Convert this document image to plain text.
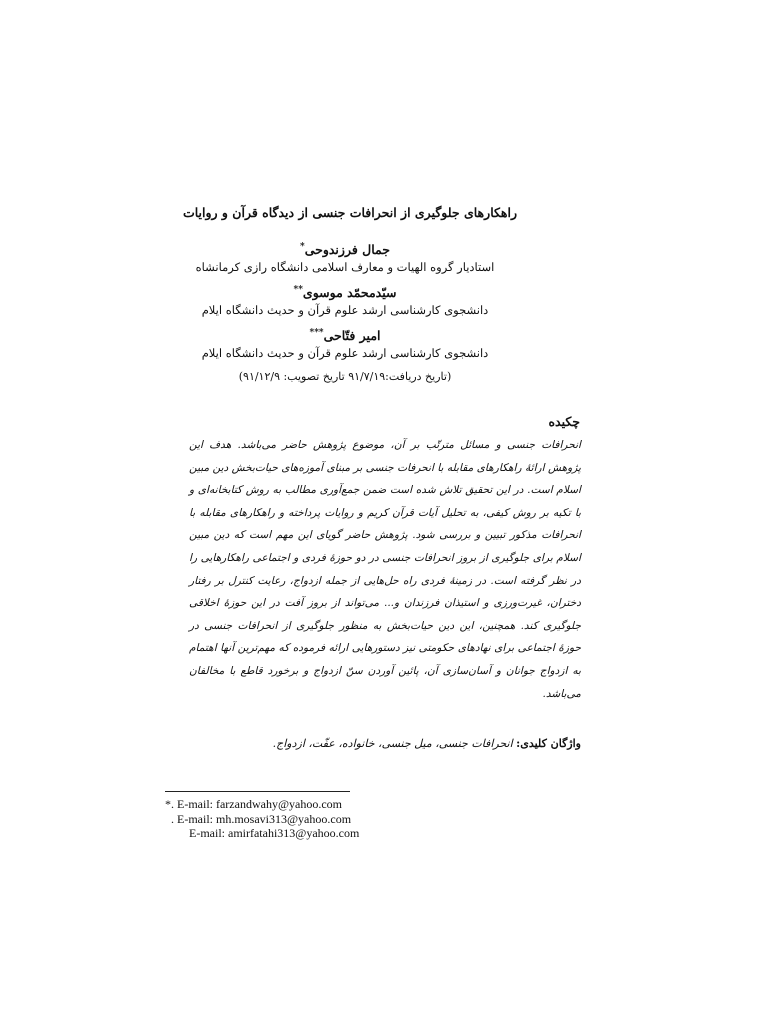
راهکارهای جلوگیری از انحرافات جنسی از دیدگاه قرآن و روایات
جمال فرزندوحی*
استادیار گروه الهیات و معارف اسلامی دانشگاه رازی کرمانشاه
سیّدمحمّد موسوی**
دانشجوی کارشناسی ارشد علوم قرآن و حدیث دانشگاه ایلام
امیر فتّاحی***
دانشجوی کارشناسی ارشد علوم قرآن و حدیث دانشگاه ایلام
(تاریخ دریافت:۹۱/۷/۱۹ تاریخ تصویب: ۹۱/۱۲/۹)
چکیده
انحرافات جنسی و مسائل مترتّب بر آن، موضوع پژوهش حاضر می‌باشد. هدف این پژوهش ارائهٔ راهکارهای مقابله با انحرفات جنسی بر مبنای آموزه‌های حیات‌بخش دین مبین اسلام است. در این تحقیق تلاش شده است ضمن جمع‌آوری مطالب به روش کتابخانه‌ای و با تکیه بر روش کیفی، به تحلیل آیات قرآن کریم و روایات پرداخته و راهکارهای مقابله با انحرافات مذکور تبیین و بررسی شود. پژوهش حاضر گویای این مهم است که دین مبین اسلام برای جلوگیری از بروز انحرافات جنسی در دو حوزهٔ فردی و اجتماعی راهکارهایی را در نظر گرفته است. در زمینهٔ فردی راه حل‌هایی از جمله ازدواج، رعایت کنترل بر رفتار دختران، غیرت‌ورزی و استیذان فرزندان و... می‌تواند از بروز آفت در این حوزهٔ اخلاقی جلوگیری کند. همچنین، این دین حیات‌بخش به منظور جلوگیری از انحرافات جنسی در حوزهٔ اجتماعی برای نهادهای حکومتی نیز دستورهایی ارائه فرموده که مهم‌ترین آنها اهتمام به ازدواج جوانان و آسان‌سازی آن، پائین آوردن سنّ ازدواج و برخورد قاطع با مخالفان می‌باشد.
واژگان کلیدی: انحرافات جنسی، میل جنسی، خانواده، عفّت، ازدواج.
*. E-mail: farzandwahy@yahoo.com
. E-mail: mh.mosavi313@yahoo.com
E-mail: amirfatahi313@yahoo.com
